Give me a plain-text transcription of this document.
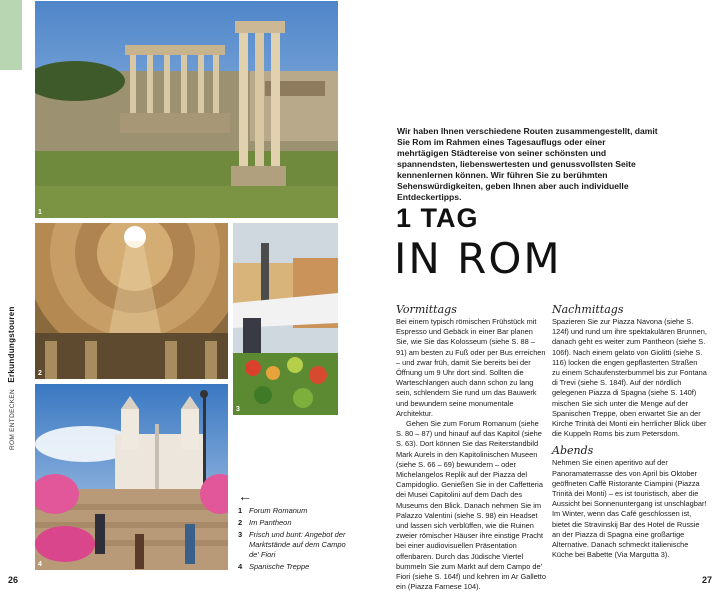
ROM ENTDECKEN Erkundungstouren
1
2
3
4
←
1 Forum Romanum
2 Im Pantheon
3 Frisch und bunt: Angebot der Marktstände auf dem Campo de' Fiori
4 Spanische Treppe
Wir haben Ihnen verschiedene Routen zusammengestellt, damit Sie Rom im Rahmen eines Tagesauflugs oder einer mehrtägigen Städtereise von seiner schönsten und spannendsten, liebenswertesten und genussvollsten Seite kennenlernen können. Wir führen Sie zu berühmten Sehenswürdigkeiten, geben Ihnen aber auch individuelle Entdeckertipps.
1 TAG
IN ROM
Vormittags

Bei einem typisch römischen Frühstück mit Espresso und Gebäck in einer Bar planen Sie, wie Sie das Kolosseum (siehe S. 88 – 91) am besten zu Fuß oder per Bus erreichen – und zwar früh, damit Sie bereits bei der Öffnung um 9 Uhr dort sind. Sollten die Warteschlangen auch dann schon zu lang sein, schlendern Sie rund um das Bauwerk und bewundern seine monumentale Architektur.

Gehen Sie zum Forum Romanum (siehe S. 80 – 87) und hinauf auf das Kapitol (siehe S. 63). Dort können Sie das Reiterstandbild Mark Aurels in den Kapitolinischen Museen (siehe S. 66 – 69) bewundern – oder Michelangelos Replik auf der Piazza del Campidoglio. Genießen Sie in der Caffetteria dei Musei Capitolini auf dem Dach des Museums den Blick. Danach nehmen Sie im Palazzo Valentini (siehe S. 98) ein Headset und lassen sich verblüffen, wie die Ruinen zweier römischer Häuser ihre einstige Pracht bei einer audiovisuellen Präsentation offenbaren. Durch das Jüdische Viertel bummeln Sie zum Markt auf dem Campo de' Fiori (siehe S. 164f) und kehren im Ar Galletto ein (Piazza Farnese 104).

Nachmittags

Spazieren Sie zur Piazza Navona (siehe S. 124f) und rund um ihre spektakulären Brunnen, danach geht es weiter zum Pantheon (siehe S. 106f). Nach einem gelato von Giolitti (siehe S. 116) locken die engen gepflasterten Straßen zu einem Schaufensterbummel bis zur Fontana di Trevi (siehe S. 184f). Auf der nördlich gelegenen Piazza di Spagna (siehe S. 140f) mischen Sie sich unter die Menge auf der Spanischen Treppe, oben erwartet Sie an der Kirche Trinità dei Monti ein herrlicher Blick über die Kuppeln Roms bis zum Petersdom.

Abends

Nehmen Sie einen aperitivo auf der Panoramaterrasse des von April bis Oktober geöffneten Caffè Ristorante Ciampini (Piazza Trinità dei Monti) – es ist touristisch, aber die Aussicht bei Sonnenuntergang ist unschlagbar! Im Winter, wenn das Café geschlossen ist, bietet die Stravinskij Bar des Hotel de Russie an der Piazza di Spagna eine großartige Alternative. Danach schmeckt italienische Küche bei Babette (Via Margutta 3).

26	27
